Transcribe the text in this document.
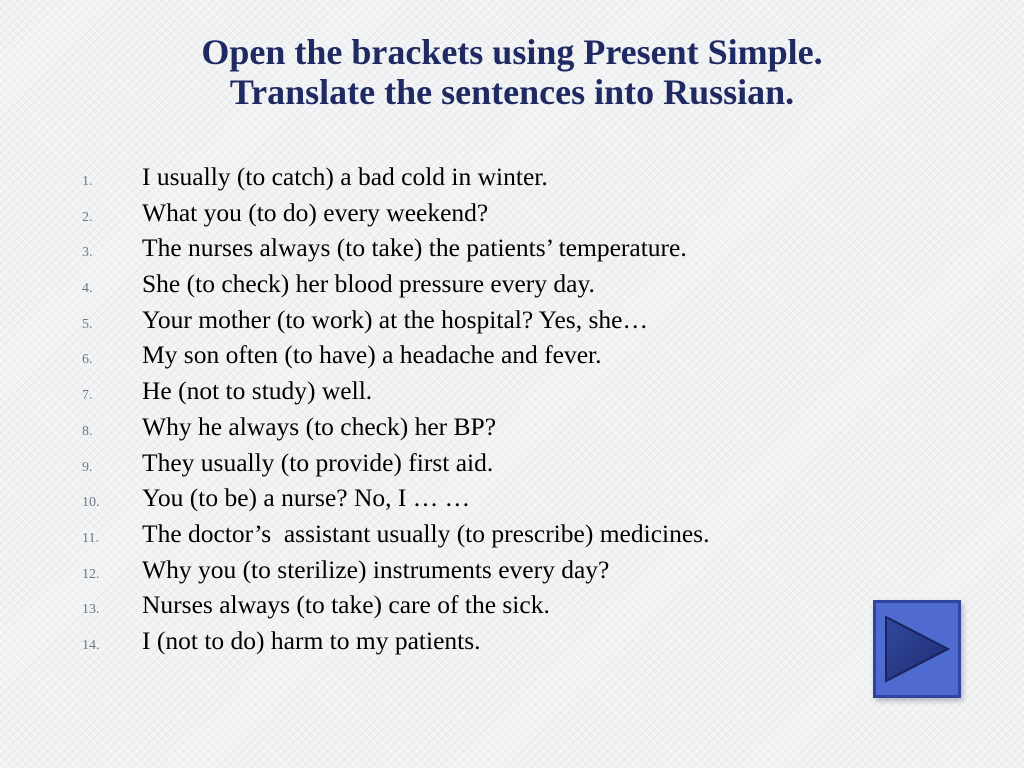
Open the brackets using Present Simple.
Translate the sentences into Russian.
1.	I usually (to catch) a bad cold in winter.
2.	What you (to do) every weekend?
3.	The nurses always (to take) the patients’ temperature.
4.	She (to check) her blood pressure every day.
5.	Your mother (to work) at the hospital? Yes, she…
6.	My son often (to have) a headache and fever.
7.	He (not to study) well.
8.	Why he always (to check) her BP?
9.	They usually (to provide) first aid.
10.	You (to be) a nurse? No, I … …
11.	The doctor’s  assistant usually (to prescribe) medicines.
12.	Why you (to sterilize) instruments every day?
13.	Nurses always (to take) care of the sick.
14.	I (not to do) harm to my patients.
